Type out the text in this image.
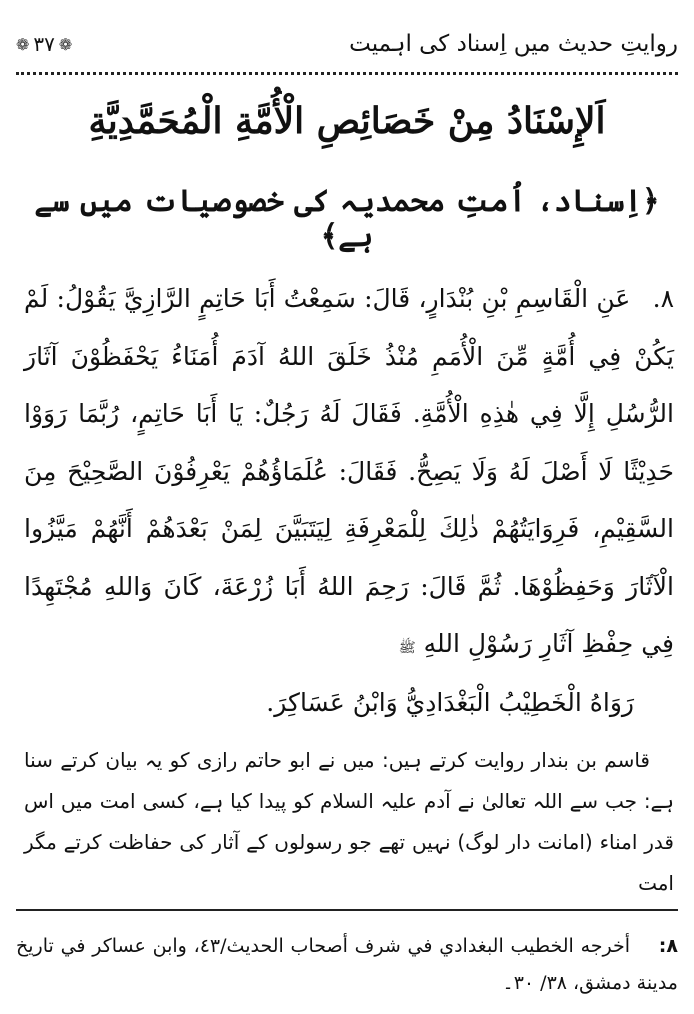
روایتِ حدیث میں اِسناد کی اہمیت
❁
۳۷
❁
اَلإِسْنَادُ مِنْ خَصَائِصِ الْأُمَّةِ الْمُحَمَّدِيَّةِ
﴿اِسناد، اُمتِ محمدیہ کی خصوصیات میں سے ہے﴾
٨. عَنِ الْقَاسِمِ بْنِ بُنْدَارٍ، قَالَ: سَمِعْتُ أَبَا حَاتِمٍ الرَّازِيَّ يَقُوْلُ: لَمْ يَكُنْ فِي أُمَّةٍ مِّنَ الْأُمَمِ مُنْذُ خَلَقَ اللهُ آدَمَ أُمَنَاءُ يَحْفَظُوْنَ آثَارَ الرُّسُلِ إِلَّا فِي هٰذِهِ الْأُمَّةِ. فَقَالَ لَهُ رَجُلٌ: يَا أَبَا حَاتِمٍ، رُبَّمَا رَوَوْا حَدِيْثًا لَا أَصْلَ لَهُ وَلَا يَصِحُّ. فَقَالَ: عُلَمَاؤُهُمْ يَعْرِفُوْنَ الصَّحِيْحَ مِنَ السَّقِيْمِ، فَرِوَايَتُهُمْ ذٰلِكَ لِلْمَعْرِفَةِ لِيَتَبَيَّنَ لِمَنْ بَعْدَهُمْ أَنَّهُمْ مَيَّزُوا الْآثَارَ وَحَفِظُوْهَا. ثُمَّ قَالَ: رَحِمَ اللهُ أَبَا زُرْعَةَ، كَانَ وَاللهِ مُجْتَهِدًا فِي حِفْظِ آثَارِ رَسُوْلِ اللهِ ﷺ
رَوَاهُ الْخَطِيْبُ الْبَغْدَادِيُّ وَابْنُ عَسَاكِرَ.
قاسم بن بندار روایت کرتے ہیں: میں نے ابو حاتم رازی کو یہ بیان کرتے سنا ہے: جب سے اللہ تعالیٰ نے آدم علیہ السلام کو پیدا کیا ہے، کسی امت میں اس قدر امناء (امانت دار لوگ) نہیں تھے جو رسولوں کے آثار کی حفاظت کرتے مگر امت
٨: أخرجه الخطيب البغدادي في شرف أصحاب الحديث/٤٣، وابن عساكر في تاريخ مدينة دمشق، ٣٨/ ٣٠۔
